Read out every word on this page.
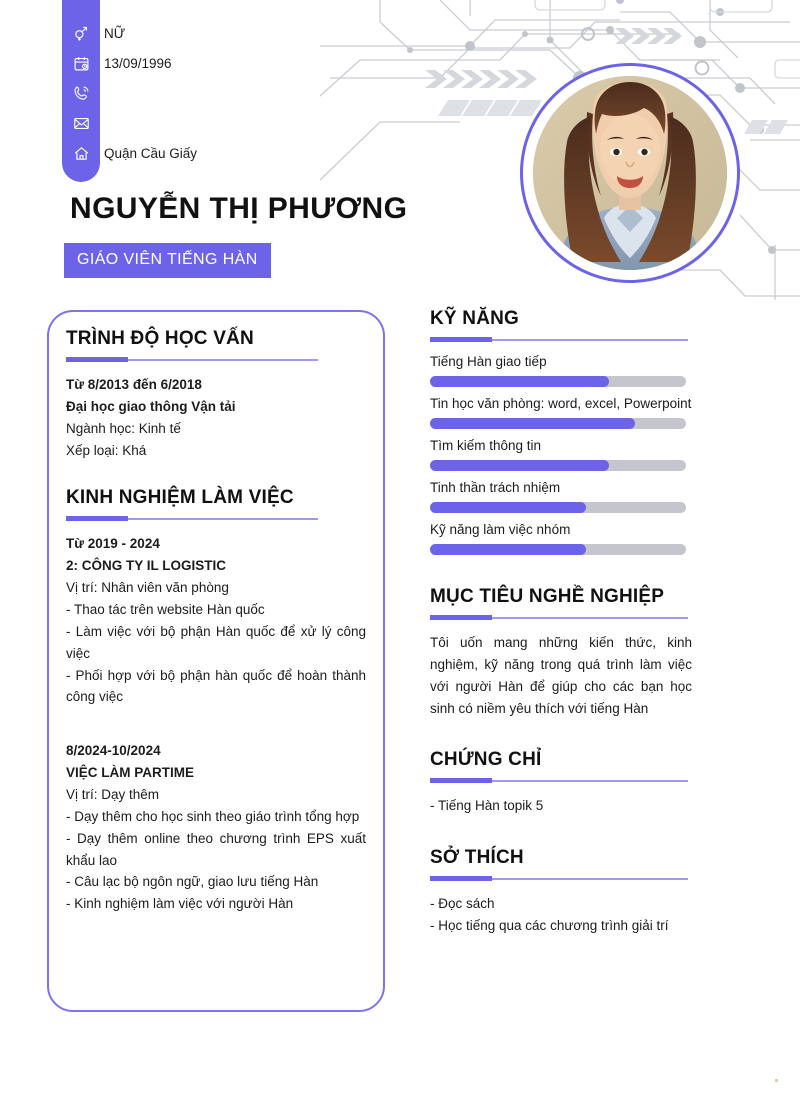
NỮ
13/09/1996
Quận Cầu Giấy
NGUYỄN THỊ PHƯƠNG
GIÁO VIÊN TIẾNG HÀN
TRÌNH ĐỘ HỌC VẤN
Từ 8/2013 đến 6/2018
Đại học giao thông Vận tải
Ngành học: Kinh tế
Xếp loại: Khá
KINH NGHIỆM LÀM VIỆC
Từ 2019 - 2024
2: CÔNG TY IL LOGISTIC
Vị trí: Nhân viên văn phòng
- Thao tác trên website Hàn quốc
- Làm việc với bộ phận Hàn quốc để xử lý công việc
- Phối hợp với bộ phận hàn quốc để hoàn thành công việc
8/2024-10/2024
VIỆC LÀM PARTIME
Vị trí: Dạy thêm
- Dạy thêm cho học sinh theo giáo trình tổng hợp
- Dạy thêm online theo chương trình EPS xuất khẩu lao
- Câu lạc bộ ngôn ngữ, giao lưu tiếng Hàn
- Kinh nghiệm làm việc với người Hàn
KỸ NĂNG
Tiếng Hàn giao tiếp
Tin học văn phòng: word, excel, Powerpoint
Tìm kiếm thông tin
Tinh thần trách nhiệm
Kỹ năng làm việc nhóm
MỤC TIÊU NGHỀ NGHIỆP
Tôi uốn mang những kiến thức, kinh nghiệm, kỹ năng trong quá trình làm việc với người Hàn để giúp cho các bạn học sinh có niềm yêu thích với tiếng Hàn
CHỨNG CHỈ
- Tiếng Hàn topik 5
SỞ THÍCH
- Đọc sách
- Học tiếng qua các chương trình giải trí
